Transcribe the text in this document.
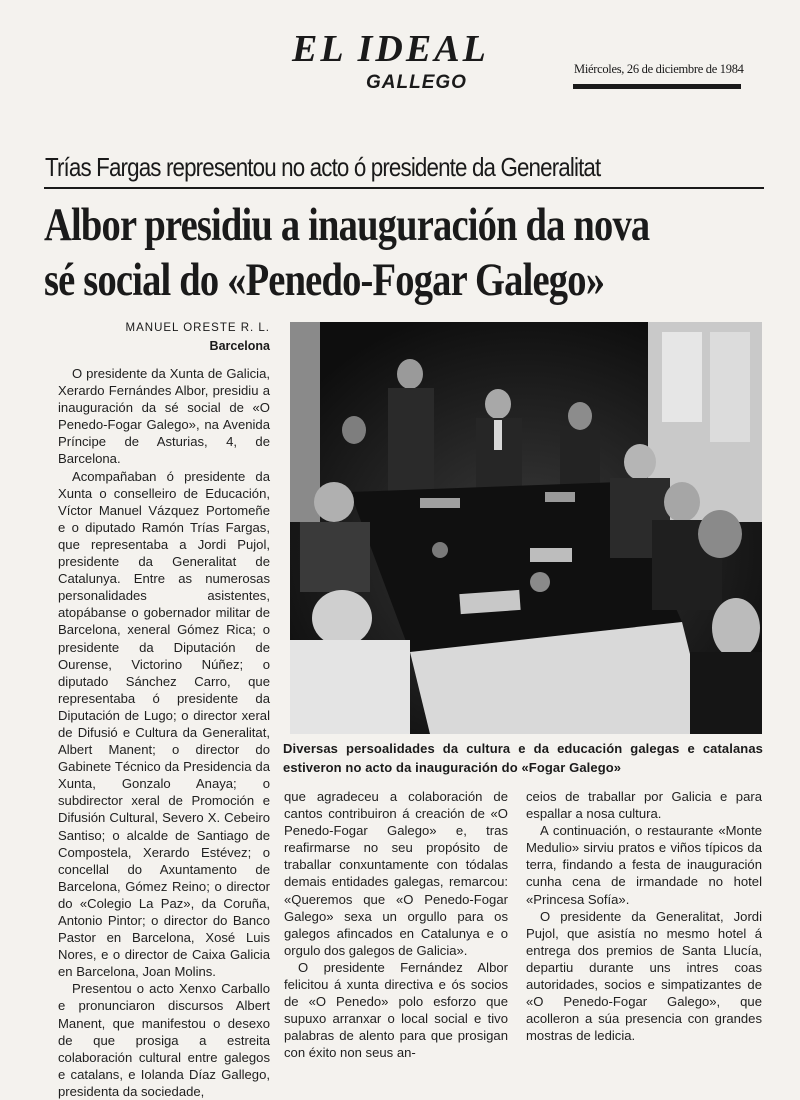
EL IDEAL
GALLEGO
Miércoles, 26 de diciembre de 1984
Trías Fargas representou no acto ó presidente da Generalitat
Albor presidiu a inauguración da nova
sé social do «Penedo-Fogar Galego»
MANUEL ORESTE R. L.
Barcelona
Diversas persoalidades da cultura e da educación galegas e catalanas estiveron no acto da inauguración do «Fogar Galego»

O presidente da Xunta de Galicia, Xerardo Fernándes Albor, presidiu a inauguración da sé social de «O Penedo-Fogar Galego», na Avenida Príncipe de Asturias, 4, de Barcelona.

Acompañaban ó presidente da Xunta o conselleiro de Educación, Víctor Manuel Vázquez Portomeñe e o diputado Ramón Trías Fargas, que representaba a Jordi Pujol, presidente da Generalitat de Catalunya. Entre as numerosas personalidades asistentes, atopábanse o gobernador militar de Barcelona, xeneral Gómez Rica; o presidente da Diputación de Ourense, Victorino Núñez; o diputado Sánchez Carro, que representaba ó presidente da Diputación de Lugo; o director xeral de Difusió e Cultura da Generalitat, Albert Manent; o director do Gabinete Técnico da Presidencia da Xunta, Gonzalo Anaya; o subdirector xeral de Promoción e Difusión Cultural, Severo X. Cebeiro Santiso; o alcalde de Santiago de Compostela, Xerardo Estévez; o concellal do Axuntamento de Barcelona, Gómez Reino; o director do «Colegio La Paz», da Coruña, Antonio Pintor; o director do Banco Pastor en Barcelona, Xosé Luis Nores, e o director de Caixa Galicia en Barcelona, Joan Molins.

Presentou o acto Xenxo Carballo e pronunciaron discursos Albert Manent, que manifestou o desexo de que prosiga a estreita colaboración cultural entre galegos e catalans, e Iolanda Díaz Gallego, presidenta da sociedade,

que agradeceu a colaboración de cantos contribuiron á creación de «O Penedo-Fogar Galego» e, tras reafirmarse no seu propósito de traballar conxuntamente con tódalas demais entidades galegas, remarcou: «Queremos que «O Penedo-Fogar Galego» sexa un orgullo para os galegos afincados en Catalunya e o orgulo dos galegos de Galicia».

O presidente Fernández Albor felicitou á xunta directiva e ós socios de «O Penedo» polo esforzo que supuxo arranxar o local social e tivo palabras de alento para que prosigan con éxito non seus an-

ceios de traballar por Galicia e para espallar a nosa cultura.

A continuación, o restaurante «Monte Medulio» sirviu pratos e viños típicos da terra, findando a festa de inauguración cunha cena de irmandade no hotel «Princesa Sofía».

O presidente da Generalitat, Jordi Pujol, que asistía no mesmo hotel á entrega dos premios de Santa Llucía, departiu durante uns intres coas autoridades, socios e simpatizantes de «O Penedo-Fogar Galego», que acolleron a súa presencia con grandes mostras de ledicia.
